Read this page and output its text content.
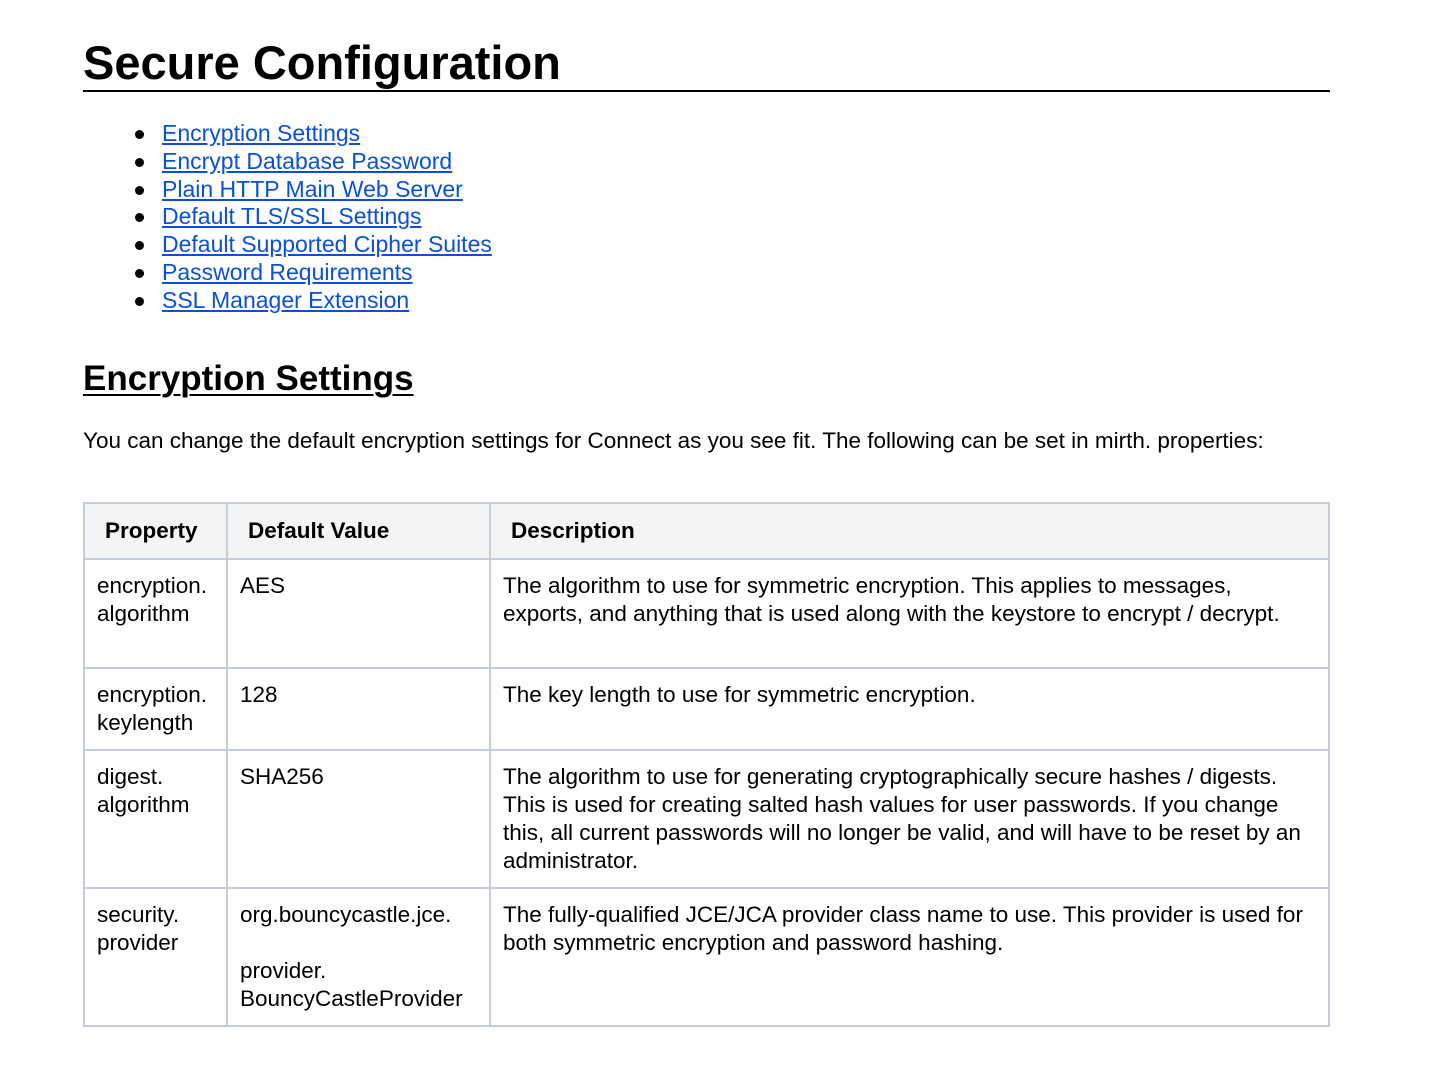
Secure Configuration
Encryption Settings
Encrypt Database Password
Plain HTTP Main Web Server
Default TLS/SSL Settings
Default Supported Cipher Suites
Password Requirements
SSL Manager Extension
Encryption Settings

You can change the default encryption settings for Connect as you see fit. The following can be set in mirth. properties:

Property	Default Value	Description
encryption.
algorithm	AES	The algorithm to use for symmetric encryption. This applies to messages, exports, and anything that is used along with the keystore to encrypt / decrypt.
encryption.
keylength	128	The key length to use for symmetric encryption.
digest.
algorithm	SHA256	The algorithm to use for generating cryptographically secure hashes / digests. This is used for creating salted hash values for user passwords. If you change this, all current passwords will no longer be valid, and will have to be reset by an administrator.
security.
provider	org.bouncycastle.jce.
provider. BouncyCastleProvider	The fully-qualified JCE/JCA provider class name to use. This provider is used for both symmetric encryption and password hashing.
